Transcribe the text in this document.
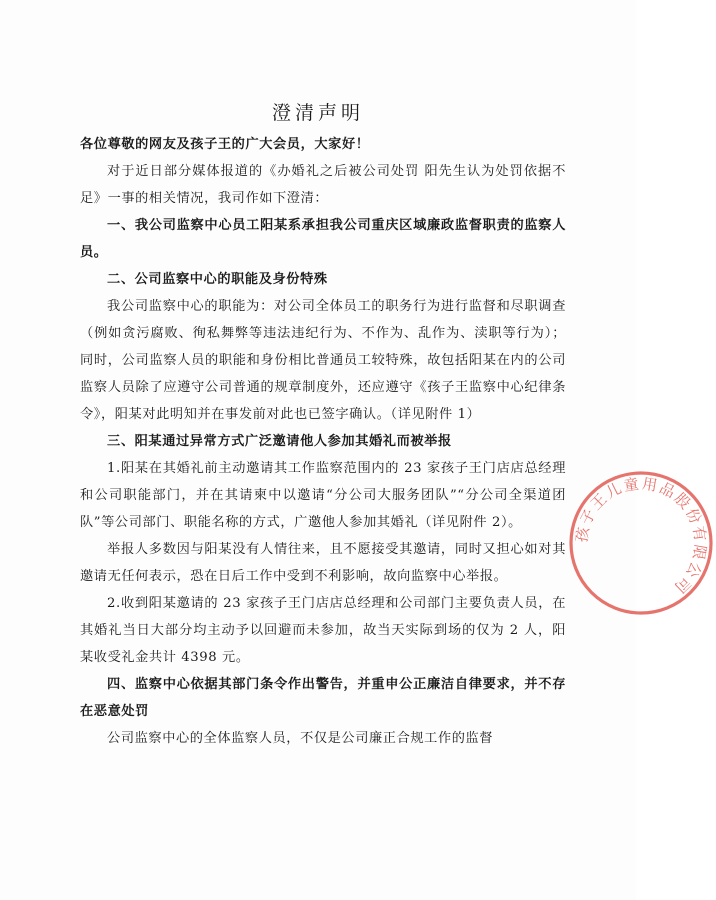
澄清声明

各位尊敬的网友及孩子王的广大会员，大家好！

对于近日部分媒体报道的《办婚礼之后被公司处罚 阳先生认为处罚依据不足》一事的相关情况，我司作如下澄清：

一、我公司监察中心员工阳某系承担我公司重庆区域廉政监督职责的监察人员。

二、公司监察中心的职能及身份特殊

我公司监察中心的职能为：对公司全体员工的职务行为进行监督和尽职调查（例如贪污腐败、徇私舞弊等违法违纪行为、不作为、乱作为、渎职等行为）；同时，公司监察人员的职能和身份相比普通员工较特殊，故包括阳某在内的公司监察人员除了应遵守公司普通的规章制度外，还应遵守《孩子王监察中心纪律条令》，阳某对此明知并在事发前对此也已签字确认。（详见附件 1）

三、阳某通过异常方式广泛邀请他人参加其婚礼而被举报

1.阳某在其婚礼前主动邀请其工作监察范围内的 23 家孩子王门店店总经理和公司职能部门，并在其请柬中以邀请“分公司大服务团队”“分公司全渠道团队”等公司部门、职能名称的方式，广邀他人参加其婚礼（详见附件 2）。

举报人多数因与阳某没有人情往来，且不愿接受其邀请，同时又担心如对其邀请无任何表示，恐在日后工作中受到不利影响，故向监察中心举报。

2.收到阳某邀请的 23 家孩子王门店店总经理和公司部门主要负责人员，在其婚礼当日大部分均主动予以回避而未参加，故当天实际到场的仅为 2 人，阳某收受礼金共计 4398 元。

四、监察中心依据其部门条令作出警告，并重申公正廉洁自律要求，并不存在恶意处罚

公司监察中心的全体监察人员，不仅是公司廉正合规工作的监督

孩子王儿童用品股份有限公司
